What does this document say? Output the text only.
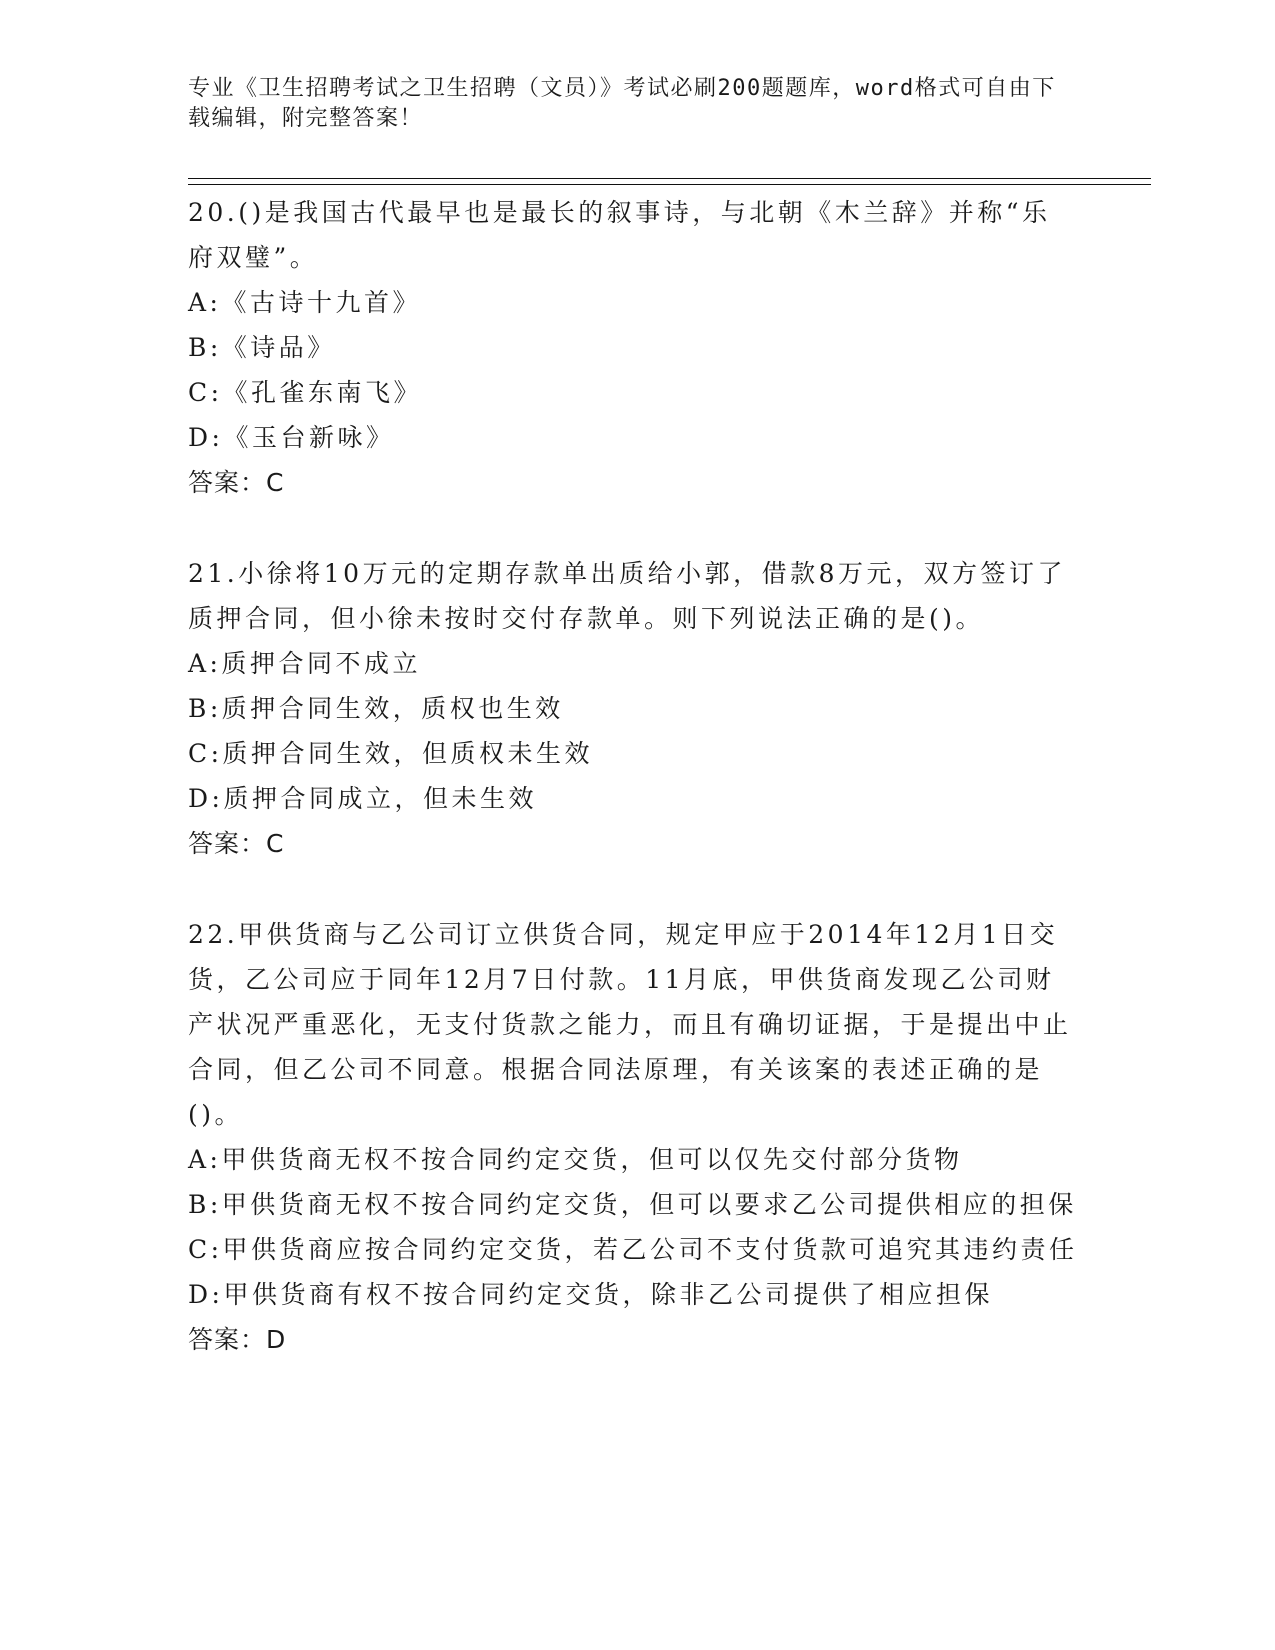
专业《卫生招聘考试之卫生招聘（文员）》考试必刷200题题库，word格式可自由下载编辑，附完整答案！

20.()是我国古代最早也是最长的叙事诗，与北朝《木兰辞》并称“乐府双璧”。

A:《古诗十九首》

B:《诗品》

C:《孔雀东南飞》

D:《玉台新咏》

答案：C

21.小徐将10万元的定期存款单出质给小郭，借款8万元，双方签订了质押合同，但小徐未按时交付存款单。则下列说法正确的是()。

A:质押合同不成立

B:质押合同生效，质权也生效

C:质押合同生效，但质权未生效

D:质押合同成立，但未生效

答案：C

22.甲供货商与乙公司订立供货合同，规定甲应于2014年12月1日交货，乙公司应于同年12月7日付款。11月底，甲供货商发现乙公司财产状况严重恶化，无支付货款之能力，而且有确切证据，于是提出中止合同，但乙公司不同意。根据合同法原理，有关该案的表述正确的是()。

A:甲供货商无权不按合同约定交货，但可以仅先交付部分货物

B:甲供货商无权不按合同约定交货，但可以要求乙公司提供相应的担保

C:甲供货商应按合同约定交货，若乙公司不支付货款可追究其违约责任

D:甲供货商有权不按合同约定交货，除非乙公司提供了相应担保

答案：D
